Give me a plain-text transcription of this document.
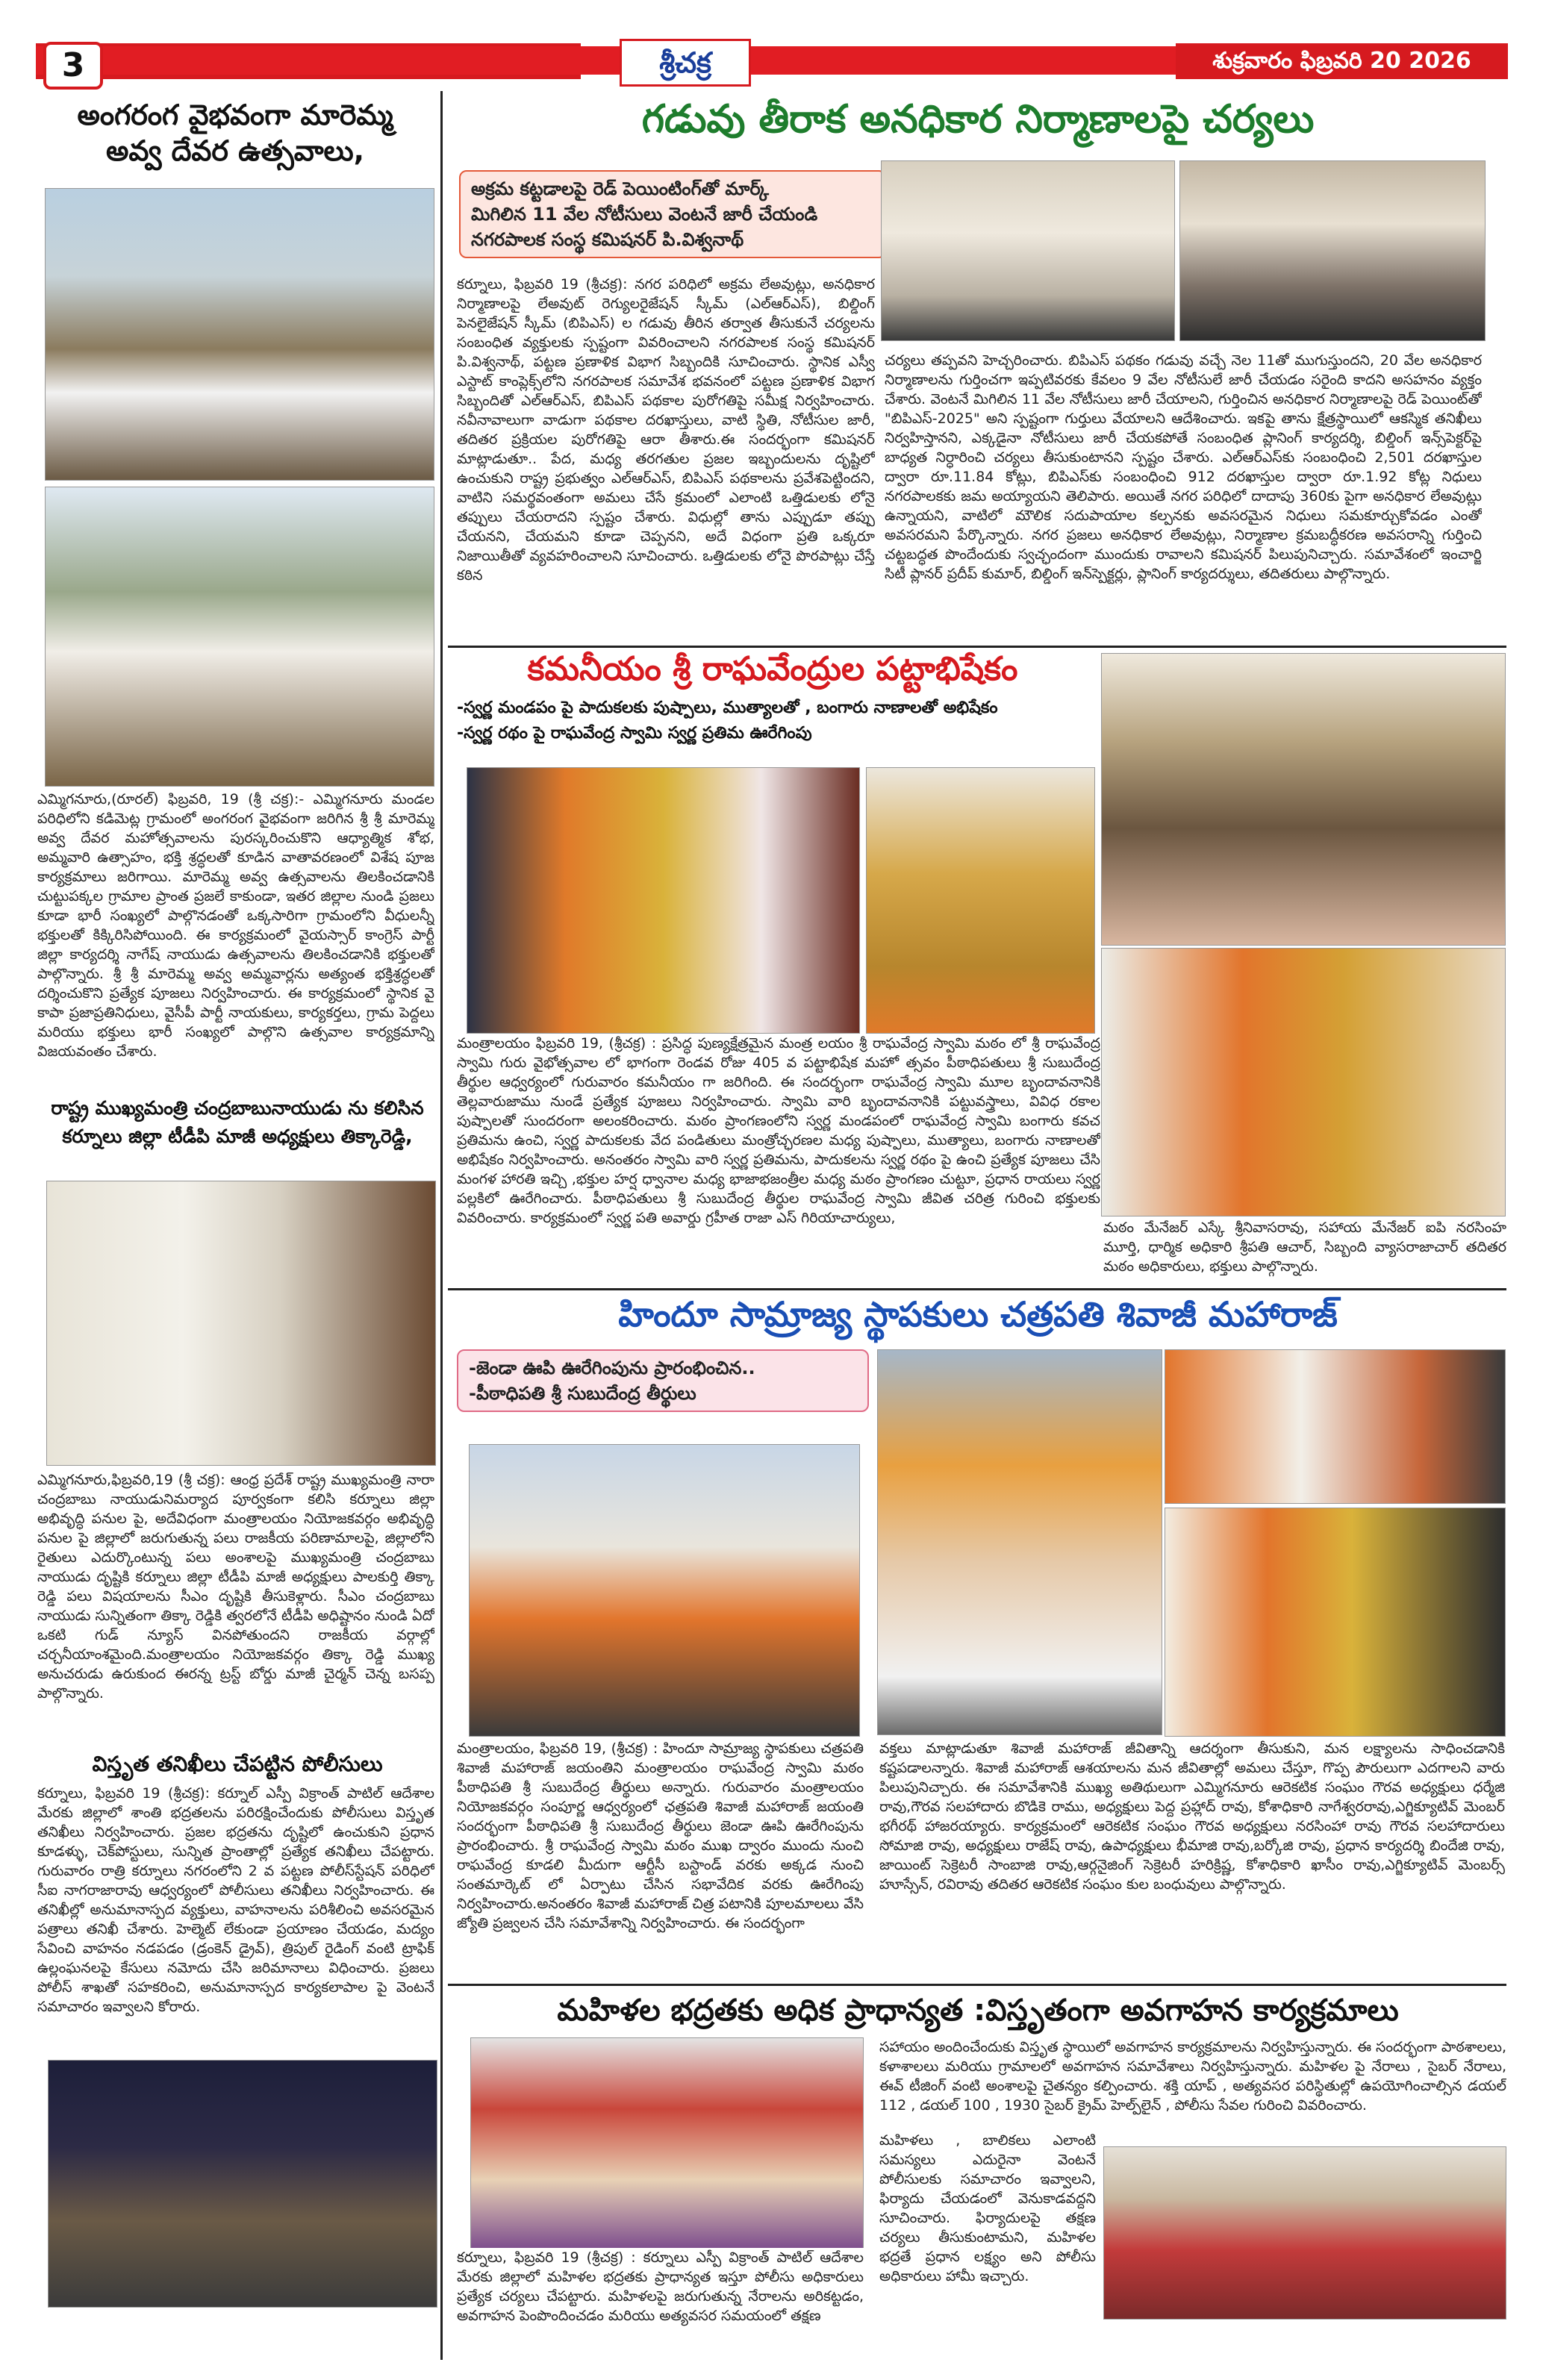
3	శ్రీచక్ర	శుక్రవారం ఫిబ్రవరి 20 2026
అంగరంగ వైభవంగా మారెమ్మ
అవ్వ దేవర ఉత్సవాలు,
ఎమ్మిగనూరు,(రూరల్) ఫిబ్రవరి, 19 (శ్రీ చక్ర):- ఎమ్మిగనూరు మండల పరిధిలోని కడిమెట్ల గ్రామంలో అంగరంగ వైభవంగా జరిగిన శ్రీ శ్రీ మారెమ్మ అవ్వ దేవర మహోత్సవాలను పురస్కరించుకొని ఆధ్యాత్మిక శోభ, అమ్మవారి ఉత్సాహం, భక్తి శ్రద్ధలతో కూడిన వాతావరణంలో విశేష పూజ కార్యక్రమాలు జరిగాయి. మారెమ్మ అవ్వ ఉత్సవాలను తిలకించడానికి చుట్టుపక్కల గ్రామాల ప్రాంత ప్రజలే కాకుండా, ఇతర జిల్లాల నుండి ప్రజలు కూడా భారీ సంఖ్యలో పాల్గొనడంతో ఒక్కసారిగా గ్రామంలోని వీధులన్నీ భక్తులతో కిక్కిరిసిపోయింది. ఈ కార్యక్రమంలో వైయస్సార్ కాంగ్రెస్ పార్టీ జిల్లా కార్యదర్శి నాగేష్ నాయుడు ఉత్సవాలను తిలకించడానికి భక్తులతో పాల్గొన్నారు. శ్రీ శ్రీ మారెమ్మ అవ్వ అమ్మవార్లను అత్యంత భక్తిశ్రద్ధలతో దర్శించుకొని ప్రత్యేక పూజలు నిర్వహించారు. ఈ కార్యక్రమంలో స్థానిక వై కాపా ప్రజాప్రతినిధులు, వైసీపీ పార్టీ నాయకులు, కార్యకర్తలు, గ్రామ పెద్దలు మరియు భక్తులు భారీ సంఖ్యలో పాల్గొని ఉత్సవాల కార్యక్రమాన్ని విజయవంతం చేశారు.
రాష్ట్ర ముఖ్యమంత్రి చంద్రబాబునాయుడు ను కలిసిన
కర్నూలు జిల్లా టీడీపి మాజీ అధ్యక్షులు తిక్కారెడ్డి,
ఎమ్మిగనూరు,ఫిబ్రవరి,19 (శ్రీ చక్ర): ఆంధ్ర ప్రదేశ్ రాష్ట్ర ముఖ్యమంత్రి నారా చంద్రబాబు నాయుడునిమర్యాద పూర్వకంగా కలిసి కర్నూలు జిల్లా అభివృద్ధి పనుల పై, అదేవిధంగా మంత్రాలయం నియోజకవర్గం అభివృద్ధి పనుల పై జిల్లాలో జరుగుతున్న పలు రాజకీయ పరిణామాలపై, జిల్లాలోని రైతులు ఎదుర్కొంటున్న పలు అంశాలపై ముఖ్యమంత్రి చంద్రబాబు నాయుడు దృష్టికి కర్నూలు జిల్లా టీడీపి మాజీ అధ్యక్షులు పాలకుర్తి తిక్కా రెడ్డి పలు విషయాలను సీఎం దృష్టికి తీసుకెళ్లారు. సీఎం చంద్రబాబు నాయుడు సున్నితంగా తిక్కా రెడ్డికి త్వరలోనే టీడీపి అధిష్టానం నుండి ఏదో ఒకటి గుడ్ న్యూస్ వినపోతుందని రాజకీయ వర్గాల్లో చర్చనీయాంశమైంది.మంత్రాలయం నియోజకవర్గం తిక్కా రెడ్డి ముఖ్య అనుచరుడు ఉరుకుంద ఈరన్న ట్రస్ట్ బోర్డు మాజీ చైర్మన్ చెన్న బసప్ప పాల్గొన్నారు.
విస్తృత తనిఖీలు చేపట్టిన పోలీసులు
కర్నూలు, ఫిబ్రవరి 19 (శ్రీచక్ర): కర్నూల్ ఎస్పీ విక్రాంత్ పాటిల్ ఆదేశాల మేరకు జిల్లాలో శాంతి భద్రతలను పరిరక్షించేందుకు పోలీసులు విస్తృత తనిఖీలు నిర్వహించారు. ప్రజల భద్రతను దృష్టిలో ఉంచుకుని ప్రధాన కూడళ్ళు, చెక్‌పోస్టులు, సున్నిత ప్రాంతాల్లో ప్రత్యేక తనిఖీలు చేపట్టారు. గురువారం రాత్రి కర్నూలు నగరంలోని 2 వ పట్టణ పోలీస్‌స్టేషన్ పరిధిలో సీఐ నాగరాజారావు ఆధ్వర్యంలో పోలీసులు తనిఖీలు నిర్వహించారు. ఈ తనిఖీల్లో అనుమానాస్పద వ్యక్తులు, వాహనాలను పరిశీలించి అవసరమైన పత్రాలు తనిఖీ చేశారు. హెల్మెట్ లేకుండా ప్రయాణం చేయడం, మద్యం సేవించి వాహనం నడపడం (డ్రంకెన్ డ్రైవ్), త్రిపుల్ రైడింగ్ వంటి ట్రాఫిక్ ఉల్లంఘనలపై కేసులు నమోదు చేసి జరిమానాలు విధించారు. ప్రజలు పోలీస్ శాఖతో సహకరించి, అనుమానాస్పద కార్యకలాపాల పై వెంటనే సమాచారం ఇవ్వాలని కోరారు.
గడువు తీరాక అనధికార నిర్మాణాలపై చర్యలు
అక్రమ కట్టడాలపై రెడ్ పెయింటింగ్‌తో మార్క్
మిగిలిన 11 వేల నోటీసులు వెంటనే జారీ చేయండి
నగరపాలక సంస్థ కమిషనర్ పి.విశ్వనాథ్
కర్నూలు, ఫిబ్రవరి 19 (శ్రీచక్ర): నగర పరిధిలో అక్రమ లేఅవుట్లు, అనధికార నిర్మాణాలపై లేఅవుట్ రెగ్యులరైజేషన్ స్కీమ్ (ఎల్‌ఆర్‌ఎస్), బిల్డింగ్ పెనలైజేషన్ స్కీమ్ (బిపిఎస్) ల గడువు తీరిన తర్వాత తీసుకునే చర్యలను సంబంధిత వ్యక్తులకు స్పష్టంగా వివరించాలని నగరపాలక సంస్థ కమిషనర్ పి.విశ్వనాథ్, పట్టణ ప్రణాళిక విభాగ సిబ్బందికి సూచించారు. స్థానిక ఎస్వీ ఎస్టాట్ కాంప్లెక్స్‌లోని నగరపాలక సమావేశ భవనంలో పట్టణ ప్రణాళిక విభాగ సిబ్బందితో ఎల్‌ఆర్‌ఎస్, బిపిఎస్ పథకాల పురోగతిపై సమీక్ష నిర్వహించారు. నవీనావాలుగా వాడుగా పథకాల దరఖాస్తులు, వాటి స్థితి, నోటీసుల జారీ, తదితర ప్రక్రియల పురోగతిపై ఆరా తీశారు.ఈ సందర్భంగా కమిషనర్ మాట్లాడుతూ.. పేద, మధ్య తరగతుల ప్రజల ఇబ్బందులను దృష్టిలో ఉంచుకుని రాష్ట్ర ప్రభుత్వం ఎల్‌ఆర్‌ఎస్, బిపిఎస్ పథకాలను ప్రవేశపెట్టిందని, వాటిని సమర్థవంతంగా అమలు చేసే క్రమంలో ఎలాంటి ఒత్తిడులకు లోనై తప్పులు చేయరాదని స్పష్టం చేశారు. విధుల్లో తాను ఎప్పుడూ తప్పు చేయనని, చేయమని కూడా చెప్పనని, అదే విధంగా ప్రతి ఒక్కరూ నిజాయితీతో వ్యవహరించాలని సూచించారు. ఒత్తిడులకు లోనై పొరపాట్లు చేస్తే కఠిన
చర్యలు తప్పవని హెచ్చరించారు. బిపిఎస్ పథకం గడువు వచ్చే నెల 11తో ముగుస్తుందని, 20 వేల అనధికార నిర్మాణాలను గుర్తించగా ఇప్పటివరకు కేవలం 9 వేల నోటీసులే జారీ చేయడం సరైంది కాదని అసహనం వ్యక్తం చేశారు. వెంటనే మిగిలిన 11 వేల నోటీసులు జారీ చేయాలని, గుర్తించిన అనధికార నిర్మాణాలపై రెడ్ పెయింట్‌తో "బిపిఎస్-2025" అని స్పష్టంగా గుర్తులు వేయాలని ఆదేశించారు. ఇకపై తాను క్షేత్రస్థాయిలో ఆకస్మిక తనిఖీలు నిర్వహిస్తానని, ఎక్కడైనా నోటీసులు జారీ చేయకపోతే సంబంధిత ప్లానింగ్ కార్యదర్శి, బిల్డింగ్ ఇన్స్‌పెక్టర్‌పై బాధ్యత నిర్ధారించి చర్యలు తీసుకుంటానని స్పష్టం చేశారు. ఎల్‌ఆర్‌ఎస్‌కు సంబంధించి 2,501 దరఖాస్తుల ద్వారా రూ.11.84 కోట్లు, బిపిఎస్‌కు సంబంధించి 912 దరఖాస్తుల ద్వారా రూ.1.92 కోట్ల నిధులు నగరపాలకకు జమ అయ్యాయని తెలిపారు. అయితే నగర పరిధిలో దాదాపు 360కు పైగా అనధికార లేఅవుట్లు ఉన్నాయని, వాటిలో మౌలిక సదుపాయాల కల్పనకు అవసరమైన నిధులు సమకూర్చుకోవడం ఎంతో అవసరమని పేర్కొన్నారు. నగర ప్రజలు అనధికార లేఅవుట్లు, నిర్మాణాల క్రమబద్ధీకరణ అవసరాన్ని గుర్తించి చట్టబద్ధత పొందేందుకు స్వచ్ఛందంగా ముందుకు రావాలని కమిషనర్ పిలుపునిచ్చారు. సమావేశంలో ఇంచార్జి సిటీ ప్లానర్ ప్రదీప్ కుమార్, బిల్డింగ్ ఇన్‌స్పెక్టర్లు, ప్లానింగ్ కార్యదర్శులు, తదితరులు పాల్గొన్నారు.
కమనీయం శ్రీ రాఘవేంద్రుల పట్టాభిషేకం
-స్వర్ణ మండపం పై పాదుకలకు పుష్పాలు, ముత్యాలతో , బంగారు నాణాలతో అభిషేకం
-స్వర్ణ రథం పై రాఘవేంద్ర స్వామి స్వర్ణ ప్రతిమ ఊరేగింపు
మంత్రాలయం ఫిబ్రవరి 19, (శ్రీచక్ర) : ప్రసిద్ధ పుణ్యక్షేత్రమైన మంత్ర లయం శ్రీ రాఘవేంద్ర స్వామి మఠం లో శ్రీ రాఘవేంద్ర స్వామి గురు వైభోత్సవాల లో భాగంగా రెండవ రోజు 405 వ పట్టాభిషేక మహో త్సవం పీఠాధిపతులు శ్రీ సుబుదేంద్ర తీర్థుల ఆధ్వర్యంలో గురువారం కమనీయం గా జరిగింది. ఈ సందర్భంగా రాఘవేంద్ర స్వామి మూల బృందావనానికి తెల్లవారుజాము నుండే ప్రత్యేక పూజలు నిర్వహించారు. స్వామి వారి బృందావనానికి పట్టువస్త్రాలు, వివిధ రకాల పుష్పాలతో సుందరంగా అలంకరించారు. మఠం ప్రాంగణంలోని స్వర్ణ మండపంలో రాఘవేంద్ర స్వామి బంగారు కవచ ప్రతిమను ఉంచి, స్వర్ణ పాదుకలకు వేద పండితులు మంత్రోచ్ఛరణల మధ్య పుష్పాలు, ముత్యాలు, బంగారు నాణాలతో అభిషేకం నిర్వహించారు. అనంతరం స్వామి వారి స్వర్ణ ప్రతిమను, పాదుకలను స్వర్ణ రథం పై ఉంచి ప్రత్యేక పూజలు చేసి మంగళ హారతి ఇచ్చి ,భక్తుల హర్ష ధ్వానాల మధ్య భాజాభజంత్రీల మధ్య మఠం ప్రాంగణం చుట్టూ, ప్రధాన రాయలు స్వర్ణ పల్లకిలో ఊరేగించారు. పీఠాధిపతులు శ్రీ సుబుదేంద్ర తీర్థుల రాఘవేంద్ర స్వామి జీవిత చరిత్ర గురించి భక్తులకు వివరించారు. కార్యక్రమంలో స్వర్ణ పతి అవార్డు గ్రహీత రాజా ఎస్ గిరియాచార్యులు,
మఠం మేనేజర్ ఎస్కే శ్రీనివాసరావు, సహాయ మేనేజర్ ఐపి నరసింహ మూర్తి, ధార్మిక అధికారి శ్రీపతి ఆచార్, సిబ్బంది వ్యాసరాజాచార్ తదితర మఠం అధికారులు, భక్తులు పాల్గొన్నారు.
హిందూ సామ్రాజ్య స్థాపకులు చత్రపతి శివాజీ మహారాజ్
-జెండా ఊపి ఊరేగింపును ప్రారంభించిన..
-పీఠాధిపతి శ్రీ సుబుదేంద్ర తీర్థులు
మంత్రాలయం, ఫిబ్రవరి 19, (శ్రీచక్ర) : హిందూ సామ్రాజ్య స్థాపకులు చత్రపతి శివాజీ మహారాజ్ జయంతిని మంత్రాలయం రాఘవేంద్ర స్వామి మఠం పీఠాధిపతి శ్రీ సుబుదేంద్ర తీర్థులు అన్నారు. గురువారం మంత్రాలయం నియోజకవర్గం సంపూర్ణ ఆధ్వర్యంలో ఛత్రపతి శివాజీ మహారాజ్ జయంతి సందర్భంగా పీఠాధిపతి శ్రీ సుబుదేంద్ర తీర్థులు జెండా ఊపి ఊరేగింపును ప్రారంభించారు. శ్రీ రాఘవేంద్ర స్వామి మఠం ముఖ ద్వారం ముందు నుంచి రాఘవేంద్ర కూడలి మీదుగా ఆర్టీసీ బస్టాండ్ వరకు అక్కడ నుంచి సంతమార్కెట్ లో ఏర్పాటు చేసిన సభావేదిక వరకు ఊరేగింపు నిర్వహించారు.అనంతరం శివాజీ మహారాజ్ చిత్ర పటానికి పూలమాలలు వేసి జ్యోతి ప్రజ్వలన చేసి సమావేశాన్ని నిర్వహించారు. ఈ సందర్భంగా
వక్తలు మాట్లాడుతూ శివాజీ మహారాజ్ జీవితాన్ని ఆదర్శంగా తీసుకుని, మన లక్ష్యాలను సాధించడానికి కష్టపడాలన్నారు. శివాజీ మహారాజ్ ఆశయాలను మన జీవితాల్లో అమలు చేస్తూ, గొప్ప పౌరులుగా ఎదగాలని వారు పిలుపునిచ్చారు. ఈ సమావేశానికి ముఖ్య అతిథులుగా ఎమ్మిగనూరు ఆరెకటిక సంఘం గౌరవ అధ్యక్షులు ధర్మేజి రావు,గౌరవ సలహాదారు బొడికె రాము, అధ్యక్షులు పెద్ద ప్రహ్లాద్ రావు, కోశాధికారి నాగేశ్వరరావు,ఎగ్జిక్యూటివ్ మెంబర్ భగీరథ్ హాజరయ్యారు. కార్యక్రమంలో ఆరెకటిక సంఘం గౌరవ అధ్యక్షులు నరసింహా రావు గౌరవ సలహాదారులు సోమాజి రావు, అధ్యక్షులు రాజేష్ రావు, ఉపాధ్యక్షులు భీమాజి రావు,బర్కోజి రావు, ప్రధాన కార్యదర్శి బిందేజి రావు, జాయింట్ సెక్రెటరీ సాంబాజి రావు,ఆర్గనైజింగ్ సెక్రెటరీ హరిక్రిష్ణ, కోశాధికారి ఖాసీం రావు,ఎగ్జిక్యూటివ్ మెంబర్స్ హూస్సేన్, రవిరావు తదితర ఆరెకటిక సంఘం కుల బంధువులు పాల్గొన్నారు.
మహిళల భద్రతకు అధిక ప్రాధాన్యత :విస్తృతంగా అవగాహన కార్యక్రమాలు
కర్నూలు, ఫిబ్రవరి 19 (శ్రీచక్ర) : కర్నూలు ఎస్పీ విక్రాంత్ పాటిల్ ఆదేశాల మేరకు జిల్లాలో మహిళల భద్రతకు ప్రాధాన్యత ఇస్తూ పోలీసు అధికారులు ప్రత్యేక చర్యలు చేపట్టారు. మహిళలపై జరుగుతున్న నేరాలను అరికట్టడం, అవగాహన పెంపొందించడం మరియు అత్యవసర సమయంలో తక్షణ
సహాయం అందించేందుకు విస్తృత స్థాయిలో అవగాహన కార్యక్రమాలను నిర్వహిస్తున్నారు. ఈ సందర్భంగా పాఠశాలలు, కళాశాలలు మరియు గ్రామాలలో అవగాహన సమావేశాలు నిర్వహిస్తున్నారు. మహిళల పై నేరాలు , సైబర్ నేరాలు, ఈవ్ టీజింగ్ వంటి అంశాలపై చైతన్యం కల్పించారు. శక్తి యాప్ , అత్యవసర పరిస్థితుల్లో ఉపయోగించాల్సిన డయల్ 112 , డయల్ 100 , 1930 సైబర్ క్రైమ్ హెల్ప్‌లైన్ , పోలీసు సేవల గురించి వివరించారు.
మహిళలు , బాలికలు ఎలాంటి సమస్యలు ఎదురైనా వెంటనే పోలీసులకు సమాచారం ఇవ్వాలని, ఫిర్యాదు చేయడంలో వెనుకాడవద్దని సూచించారు. ఫిర్యాదులపై తక్షణ చర్యలు తీసుకుంటామని, మహిళల భద్రతే ప్రధాన లక్ష్యం అని పోలీసు అధికారులు హామీ ఇచ్చారు.
